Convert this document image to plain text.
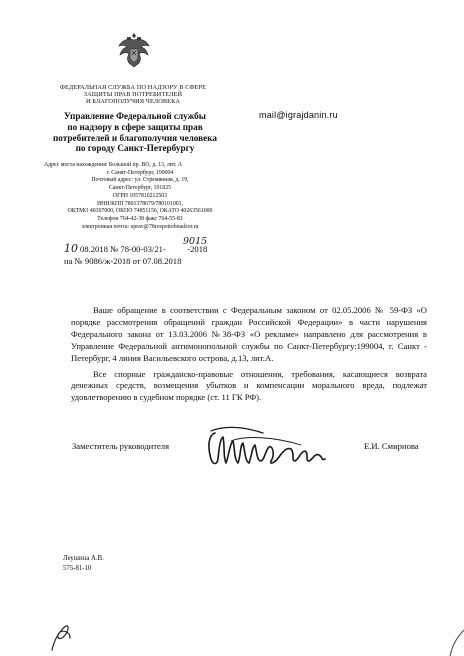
ФЕДЕРАЛЬНАЯ СЛУЖБА ПО НАДЗОРУ В СФЕРЕ
ЗАЩИТЫ ПРАВ ПОТРЕБИТЕЛЕЙ
И БЛАГОПОЛУЧИЯ ЧЕЛОВЕКА
Управление Федеральной службы
по надзору в сфере защиты прав
потребителей и благополучия человека
по городу Санкт-Петербургу
Адрес места нахождения: Большой пр. ВО, д. 13, лит. А
г. Санкт-Петербург, 199004
Почтовый адрес: ул. Стремянная, д. 19,
Санкт-Петербург, 191025
ОГРН 1057810212503
ИНН/КПП 7801378679/780101001,
ОКТМО 40307000, ОКПО 74851156, ОКАТО 40263561000
Телефон 764-42-38 факс 764-55-83
электронная почта: uprav@78rospotrebnadzor.ru
mail@igrajdanin.ru
10 08.2018 № 78-00-03/21-          -2018
на № 9086/ж-2018 от 07.08.2018
9015

Ваше обращение в соответствии с Федеральным законом от 02.05.2006 № 59-ФЗ «О порядке рассмотрения обращений граждан Российской Федерации» в части нарушения Федерального закона от 13.03.2006 №38-ФЗ «О рекламе» направлено для рассмотрения в Управление Федеральной антимонопольной службы по Санкт-Петербургу:199004, г. Санкт - Петербург, 4 линия Васильевского острова, д.13, лит.А.

Все спорные гражданско-правовые отношения, требования, касающиеся возврата денежных средств, возмещения убытков и компенсации морального вреда, подлежат удовлетворению в судебном порядке (ст. 11 ГК РФ).

Заместитель руководителя	Е.И. Смирнова
Леушина А.В.
575-81-10
